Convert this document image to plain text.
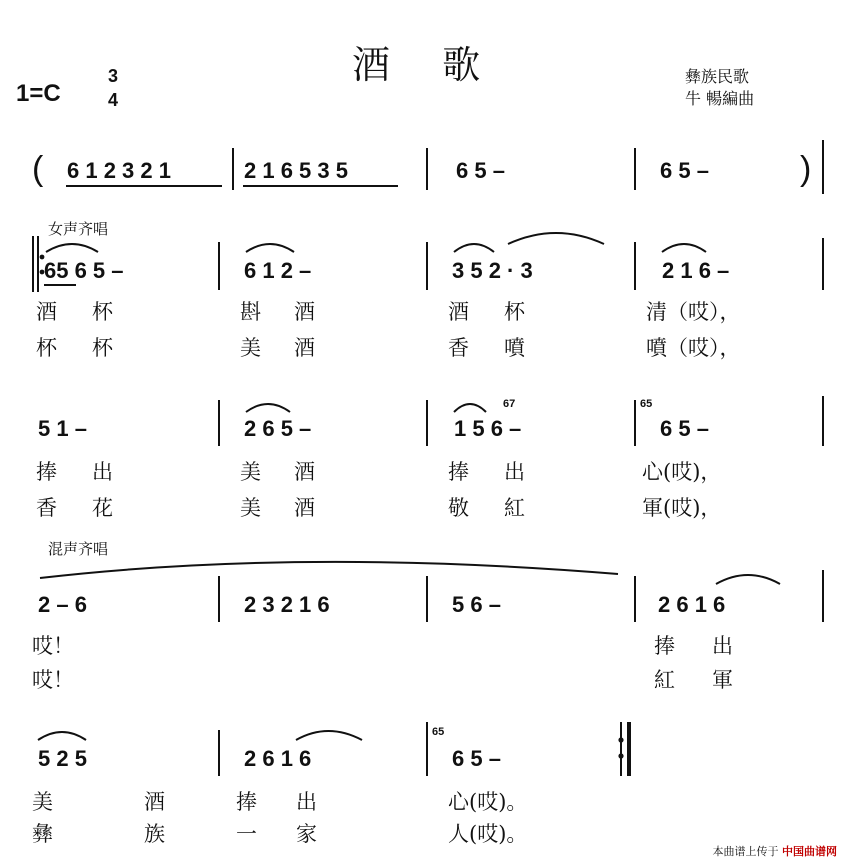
酒 歌
1=C
3
4
彝族民歌
牛 暢編曲
( 6 1 2 3 2 1	2 1 6 5 3 5	6 5 –	6 5 –	)
女声齐唱
65 6 5 –	6 1 2 –	3 5 2 · 3	2 1 6 –
酒 杯	斟 酒	酒 杯	清（哎），
杯 杯	美 酒	香 噴	噴（哎），
5 1 –	2 6 5 –	1 5 6 –	6 5 –
67	65
捧 出	美 酒	捧 出	心(哎)，
香 花	美 酒	敬 紅	軍(哎)，
混声齐唱
2 – 6	2 3 2 1 6	5 6 –	2 6 1 6
哎！	捧 出
哎！	紅 軍
5 2 5	2 6 1 6	6 5 –
65
美	酒	捧 出	心(哎)。
彝	族	一 家	人(哎)。
本曲谱上传于 中国曲谱网
